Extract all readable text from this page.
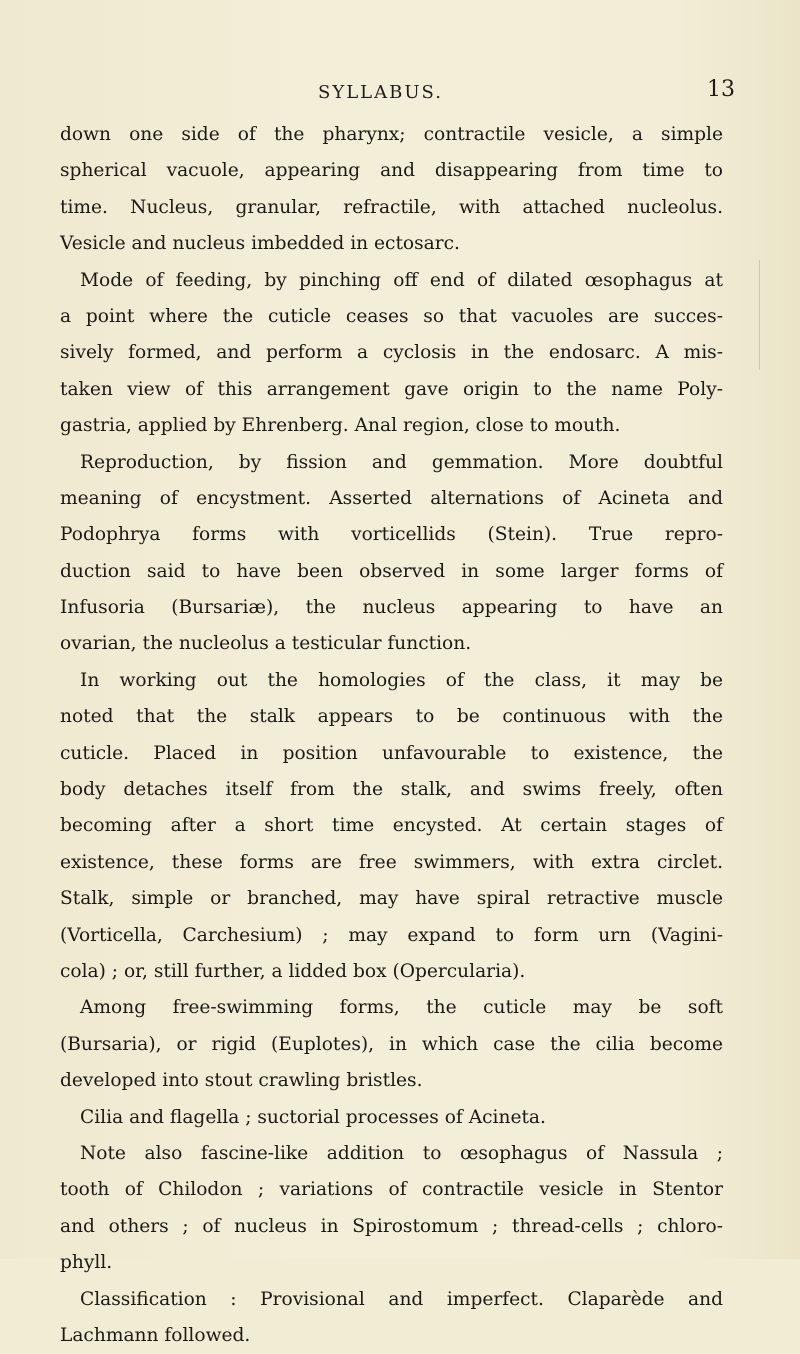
SYLLABUS.	13
down one side of the pharynx; contractile vesicle, a simple
spherical vacuole, appearing and disappearing from time to
time. Nucleus, granular, refractile, with attached nucleolus.
Vesicle and nucleus imbedded in ectosarc.
Mode of feeding, by pinching off end of dilated œsophagus at
a point where the cuticle ceases so that vacuoles are succes-
sively formed, and perform a cyclosis in the endosarc. A mis-
taken view of this arrangement gave origin to the name Poly-
gastria, applied by Ehrenberg. Anal region, close to mouth.
Reproduction, by fission and gemmation. More doubtful
meaning of encystment. Asserted alternations of Acineta and
Podophrya forms with vorticellids (Stein). True repro-
duction said to have been observed in some larger forms of
Infusoria (Bursariæ), the nucleus appearing to have an
ovarian, the nucleolus a testicular function.
In working out the homologies of the class, it may be
noted that the stalk appears to be continuous with the
cuticle. Placed in position unfavourable to existence, the
body detaches itself from the stalk, and swims freely, often
becoming after a short time encysted. At certain stages of
existence, these forms are free swimmers, with extra circlet.
Stalk, simple or branched, may have spiral retractive muscle
(Vorticella, Carchesium) ; may expand to form urn (Vagini-
cola) ; or, still further, a lidded box (Opercularia).
Among free-swimming forms, the cuticle may be soft
(Bursaria), or rigid (Euplotes), in which case the cilia become
developed into stout crawling bristles.
Cilia and flagella ; suctorial processes of Acineta.
Note also fascine-like addition to œsophagus of Nassula ;
tooth of Chilodon ; variations of contractile vesicle in Stentor
and others ; of nucleus in Spirostomum ; thread-cells ; chloro-
phyll.
Classification : Provisional and imperfect. Claparède and
Lachmann followed.
